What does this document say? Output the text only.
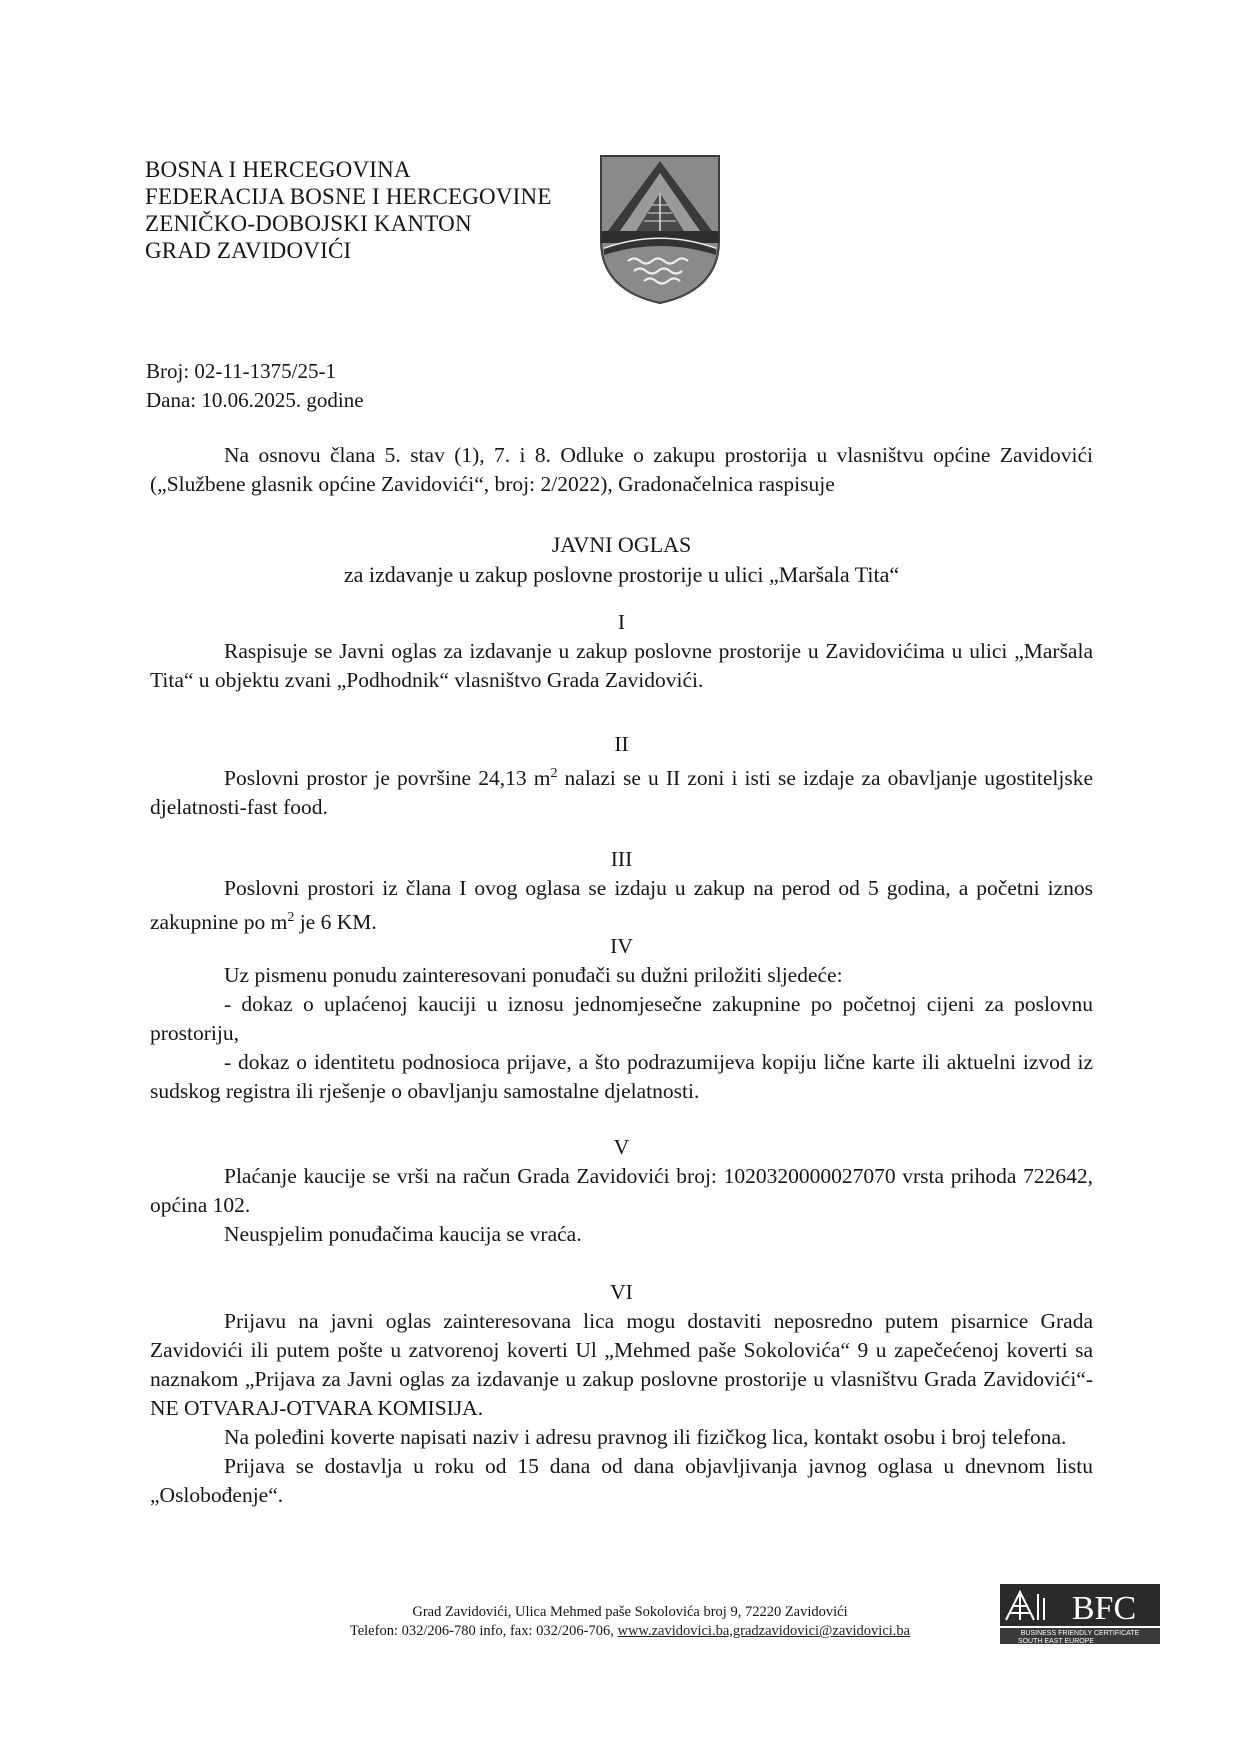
BOSNA I HERCEGOVINA
FEDERACIJA BOSNE I HERCEGOVINE
ZENIČKO-DOBOJSKI KANTON
GRAD ZAVIDOVIĆI
Broj: 02-11-1375/25-1
Dana: 10.06.2025. godine

Na osnovu člana 5. stav (1), 7. i 8. Odluke o zakupu prostorija u vlasništvu općine Zavidovići („Službene glasnik općine Zavidovići“, broj: 2/2022), Gradonačelnica raspisuje

JAVNI OGLAS
za izdavanje u zakup poslovne prostorije u ulici „Maršala Tita“
I

Raspisuje se Javni oglas za izdavanje u zakup poslovne prostorije u Zavidovićima u ulici „Maršala Tita“ u objektu zvani „Podhodnik“ vlasništvo Grada Zavidovići.

II

Poslovni prostor je površine 24,13 $m^2$ nalazi se u II zoni i isti se izdaje za obavljanje ugostiteljske djelatnosti-fast food.

III

Poslovni prostori iz člana I ovog oglasa se izdaju u zakup na perod od 5 godina, a početni iznos zakupnine po $m^2$ je 6 KM.

IV

Uz pismenu ponudu zainteresovani ponuđači su dužni priložiti sljedeće:

- dokaz o uplaćenoj kauciji u iznosu jednomjesečne zakupnine po početnoj cijeni za poslovnu prostoriju,

- dokaz o identitetu podnosioca prijave, a što podrazumijeva kopiju lične karte ili aktuelni izvod iz sudskog registra ili rješenje o obavljanju samostalne djelatnosti.

V

Plaćanje kaucije se vrši na račun Grada Zavidovići broj: 1020320000027070 vrsta prihoda 722642, općina 102.

Neuspjelim ponuđačima kaucija se vraća.

VI

Prijavu na javni oglas zainteresovana lica mogu dostaviti neposredno putem pisarnice Grada Zavidovići ili putem pošte u zatvorenoj koverti Ul „Mehmed paše Sokolovića“ 9 u zapečećenoj koverti sa naznakom „Prijava za Javni oglas za izdavanje u zakup poslovne prostorije u vlasništvu Grada Zavidovići“- NE OTVARAJ-OTVARA KOMISIJA.

Na poleđini koverte napisati naziv i adresu pravnog ili fizičkog lica, kontakt osobu i broj telefona.

Prijava se dostavlja u roku od 15 dana od dana objavljivanja javnog oglasa u dnevnom listu „Oslobođenje“.

Grad Zavidovići, Ulica Mehmed paše Sokolovića broj 9, 72220 Zavidovići
Telefon: 032/206-780 info, fax: 032/206-706, www.zavidovici.ba,gradzavidovici@zavidovici.ba
BFC
BUSINESS FRIENDLY CERTIFICATE
SOUTH EAST EUROPE
